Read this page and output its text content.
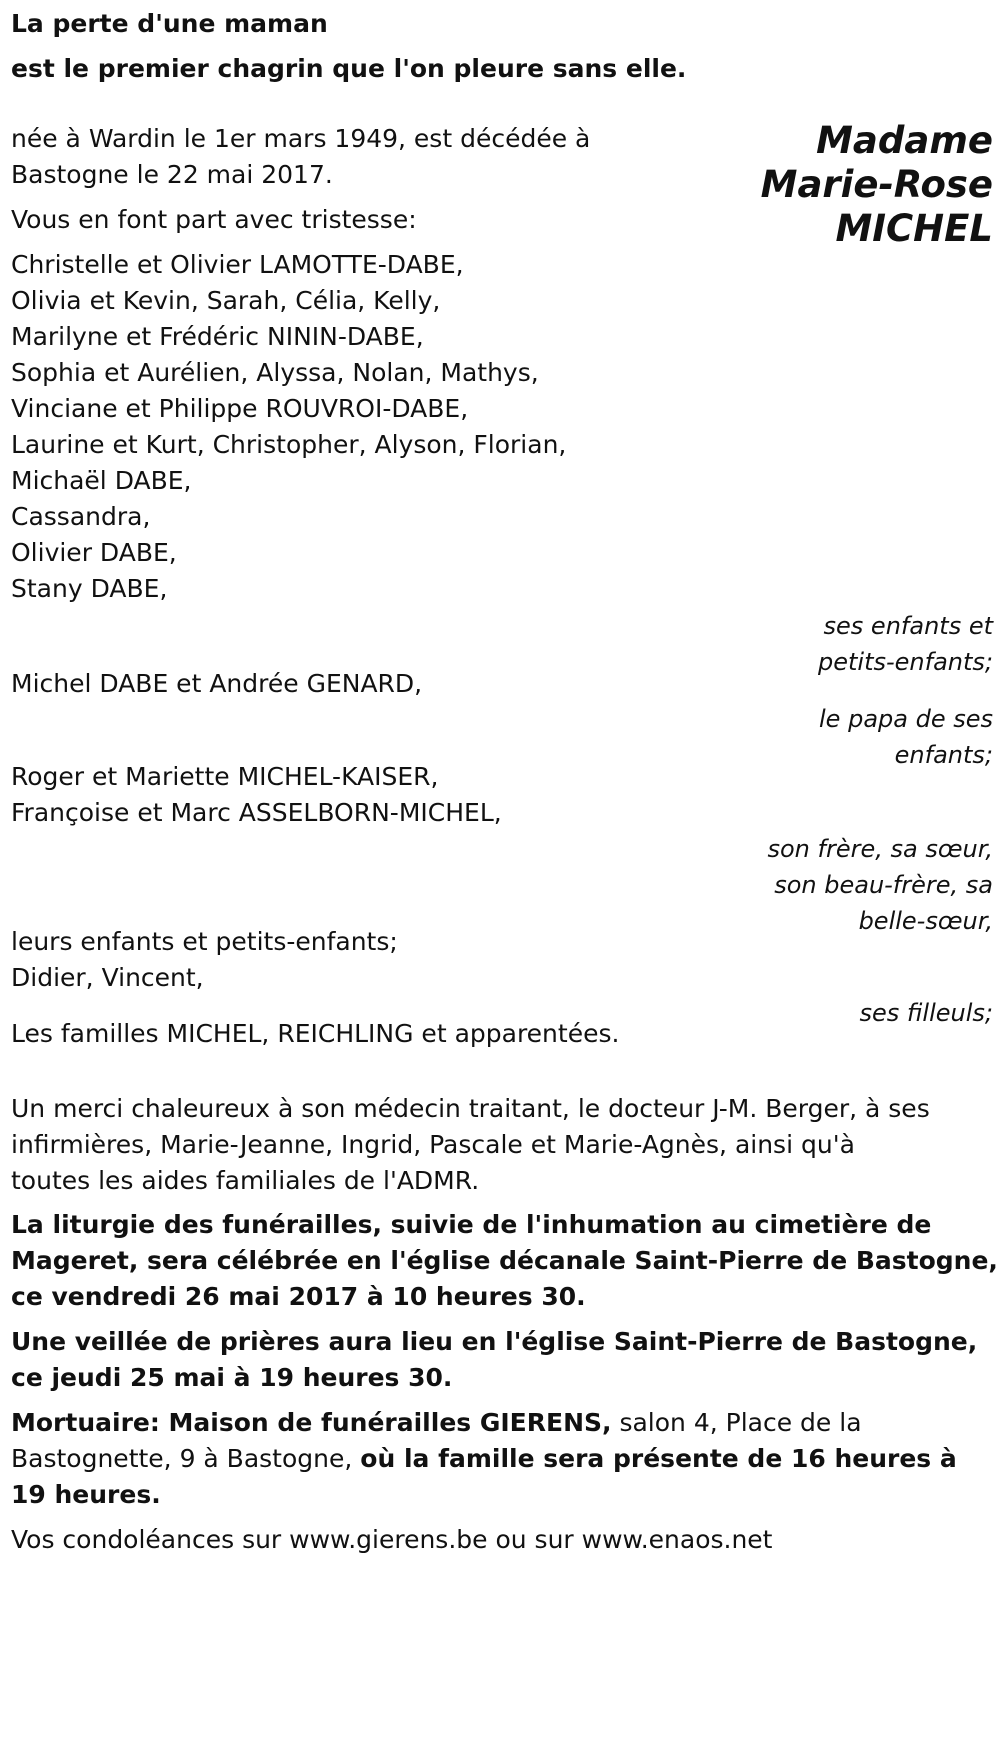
La perte d'une maman

est le premier chagrin que l'on pleure sans elle.

Madame

Marie-Rose

MICHEL

née à Wardin le 1er mars 1949, est décédée à

Bastogne le 22 mai 2017.

Vous en font part avec tristesse:

Christelle et Olivier LAMOTTE-DABE,

Olivia et Kevin, Sarah, Célia, Kelly,

Marilyne et Frédéric NININ-DABE,

Sophia et Aurélien, Alyssa, Nolan, Mathys,

Vinciane et Philippe ROUVROI-DABE,

Laurine et Kurt, Christopher, Alyson, Florian,

Michaël DABE,

Cassandra,

Olivier DABE,

Stany DABE,

ses enfants et

petits-enfants;

Michel DABE et Andrée GENARD,

le papa de ses

enfants;

Roger et Mariette MICHEL-KAISER,

Françoise et Marc ASSELBORN-MICHEL,

son frère, sa sœur,

son beau-frère, sa

belle-sœur,

leurs enfants et petits-enfants;

Didier, Vincent,

ses filleuls;

Les familles MICHEL, REICHLING et apparentées.

Un merci chaleureux à son médecin traitant, le docteur J-M. Berger, à ses

infirmières, Marie-Jeanne, Ingrid, Pascale et Marie-Agnès, ainsi qu'à

toutes les aides familiales de l'ADMR.

La liturgie des funérailles, suivie de l'inhumation au cimetière de

Mageret, sera célébrée en l'église décanale Saint-Pierre de Bastogne,

ce vendredi 26 mai 2017 à 10 heures 30.

Une veillée de prières aura lieu en l'église Saint-Pierre de Bastogne,

ce jeudi 25 mai à 19 heures 30.

Mortuaire: Maison de funérailles GIERENS, salon 4, Place de la

Bastognette, 9 à Bastogne, où la famille sera présente de 16 heures à

19 heures.

Vos condoléances sur www.gierens.be ou sur www.enaos.net
